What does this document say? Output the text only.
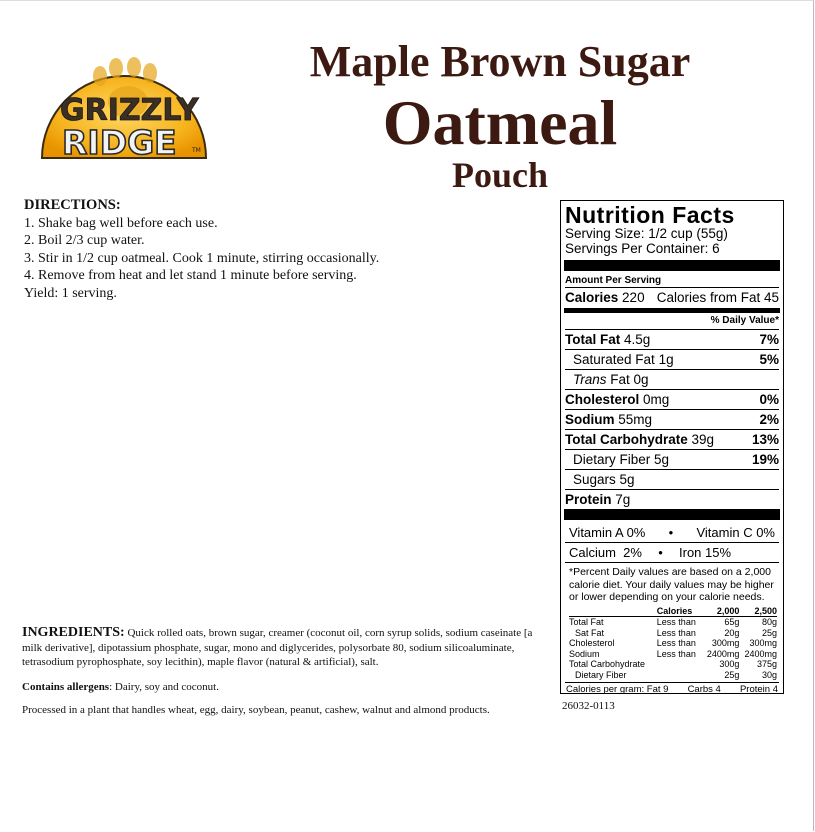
GRIZZLY
RIDGE	TM
Maple Brown Sugar
Oatmeal
Pouch
DIRECTIONS:
1. Shake bag well before each use.
2. Boil 2/3 cup water.
3. Stir in 1/2 cup oatmeal. Cook 1 minute, stirring occasionally.
4. Remove from heat and let stand 1 minute before serving.
Yield: 1 serving.
INGREDIENTS: Quick rolled oats, brown sugar, creamer (coconut oil, corn syrup solids, sodium caseinate [a milk derivative], dipotassium phosphate, sugar, mono and diglycerides, polysorbate 80, sodium silicoaluminate, tetrasodium pyrophosphate, soy lecithin), maple flavor (natural & artificial), salt.
Contains allergens: Dairy, soy and coconut.
Processed in a plant that handles wheat, egg, dairy, soybean, peanut, cashew, walnut and almond products.
Nutrition Facts
Serving Size: 1/2 cup (55g)
Servings Per Container: 6
Amount Per Serving
Calories 220 Calories from Fat 45
% Daily Value*
Total Fat 4.5g	7%
Saturated Fat 1g	5%
Trans Fat 0g
Cholesterol 0mg	0%
Sodium 55mg	2%
Total Carbohydrate 39g	13%
Dietary Fiber 5g	19%
Sugars 5g
Protein 7g
Vitamin A 0% • Vitamin C 0%
Calcium  2% • Iron 15%
*Percent Daily values are based on a 2,000 calorie diet. Your daily values may be higher or lower depending on your calorie needs.
	Calories	2,000	2,500
Total Fat	Less than	65g	80g
Sat Fat	Less than	20g	25g
Cholesterol	Less than	300mg	300mg
Sodium	Less than	2400mg	2400mg
Total Carbohydrate		300g	375g
Dietary Fiber		25g	30g
Calories per gram: Fat 9 Carbs 4 Protein 4
26032-0113
